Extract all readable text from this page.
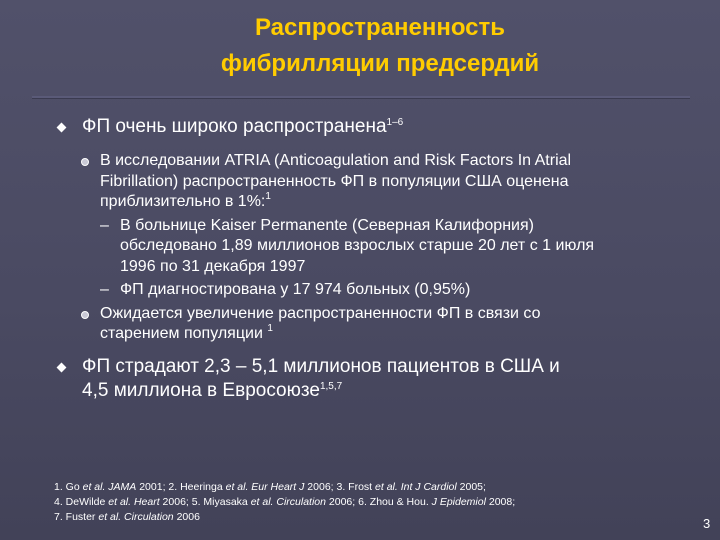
Распространенность
фибрилляции предсердий
ФП очень широко распространена$^{1-6}$
В исследовании ATRIA (Anticoagulation and Risk Factors In Atrial
Fibrillation) распространенность ФП в популяции США оценена
приблизительно в 1%:$^1$
– В больнице Kaiser Permanente (Северная Калифорния)
обследовано 1,89 миллионов взрослых старше 20 лет с 1 июля
1996 по 31 декабря 1997
– ФП диагностирована у 17 974 больных (0,95%)
Ожидается увеличение распространенности ФП в связи со
старением популяции $^1$
ФП страдают 2,3 – 5,1 миллионов пациентов в США и
4,5 миллиона в Евросоюзе$^{1,5,7}$
1. Go et al. JAMA 2001; 2. Heeringa et al. Eur Heart J 2006; 3. Frost et al. Int J Cardiol 2005;
4. DeWilde et al. Heart 2006; 5. Miyasaka et al. Circulation 2006; 6. Zhou & Hou. J Epidemiol 2008;
7. Fuster et al. Circulation 2006	3
